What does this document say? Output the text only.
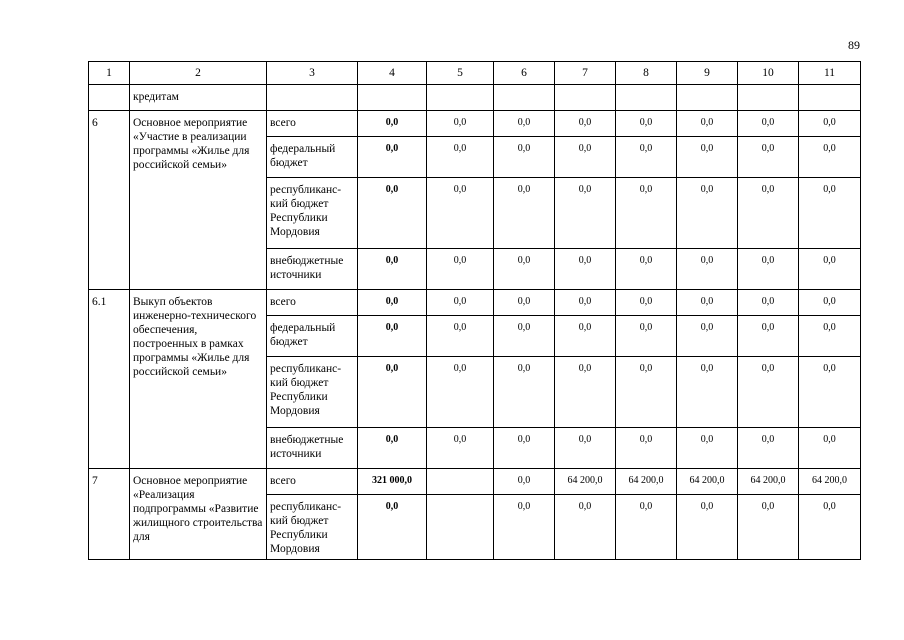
89
1	2	3	4	5	6	7	8	9	10	11
	кредитам									
6	Основное мероприятие «Участие в реализации программы «Жилье для российской семьи»	всего	0,0	0,0	0,0	0,0	0,0	0,0	0,0	0,0
		федеральный бюджет	0,0	0,0	0,0	0,0	0,0	0,0	0,0	0,0
		республиканс-кий бюджет Республики Мордовия	0,0	0,0	0,0	0,0	0,0	0,0	0,0	0,0
		внебюджетные источники	0,0	0,0	0,0	0,0	0,0	0,0	0,0	0,0
6.1	Выкуп объектов инженерно-технического обеспечения, построенных в рамках программы «Жилье для российской семьи»	всего	0,0	0,0	0,0	0,0	0,0	0,0	0,0	0,0
		федеральный бюджет	0,0	0,0	0,0	0,0	0,0	0,0	0,0	0,0
		республиканс-кий бюджет Республики Мордовия	0,0	0,0	0,0	0,0	0,0	0,0	0,0	0,0
		внебюджетные источники	0,0	0,0	0,0	0,0	0,0	0,0	0,0	0,0
7	Основное мероприятие «Реализация подпрограммы «Развитие жилищного строительства для	всего	321 000,0		0,0	64 200,0	64 200,0	64 200,0	64 200,0	64 200,0
		республиканс-кий бюджет Республики Мордовия	0,0		0,0	0,0	0,0	0,0	0,0	0,0
